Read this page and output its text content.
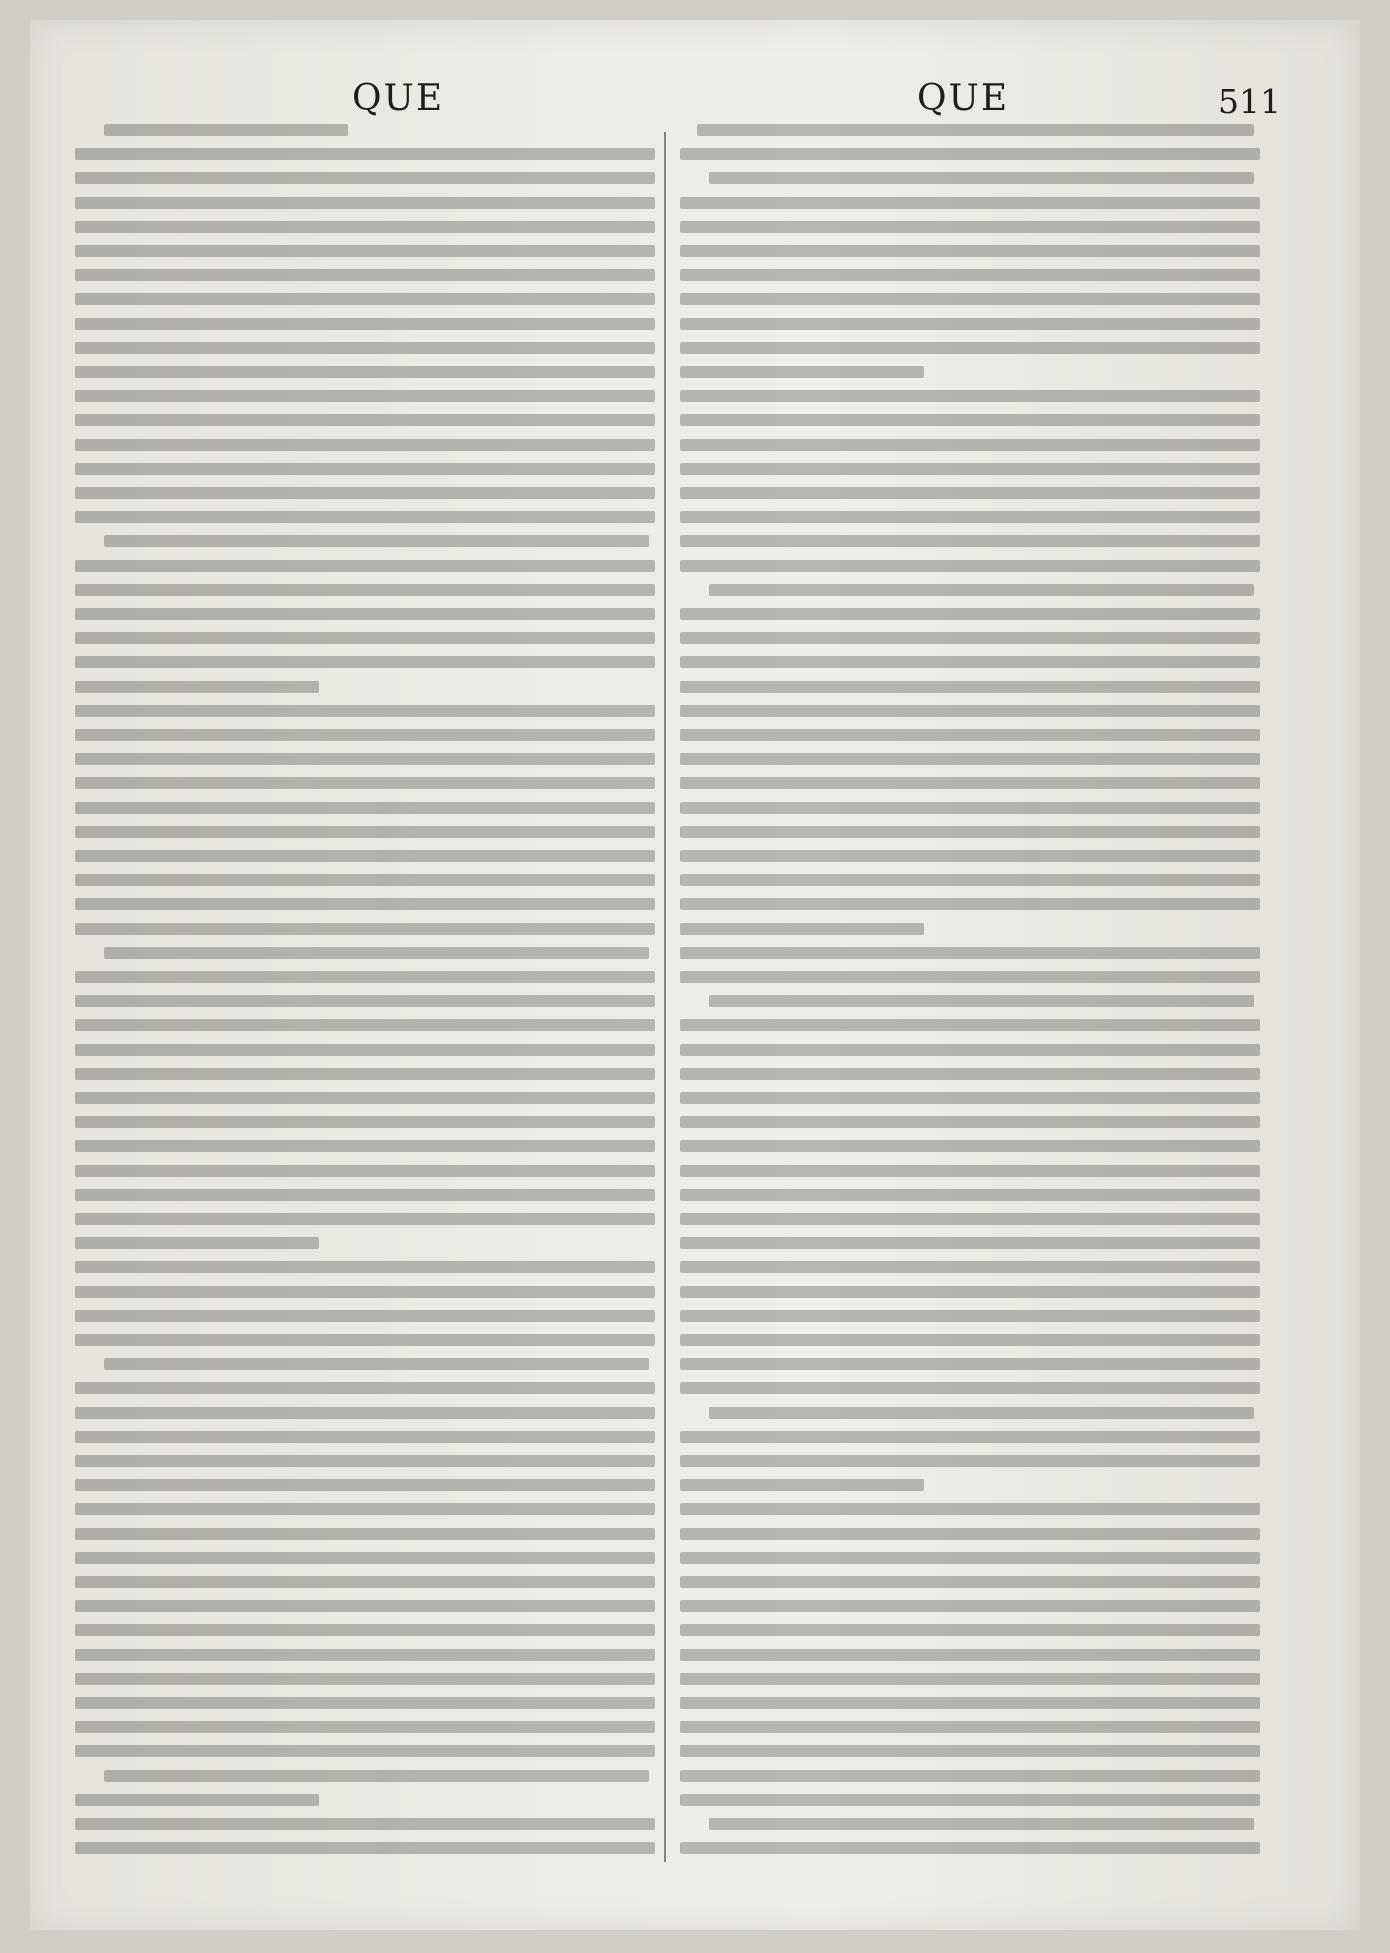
QUE	QUE	511
